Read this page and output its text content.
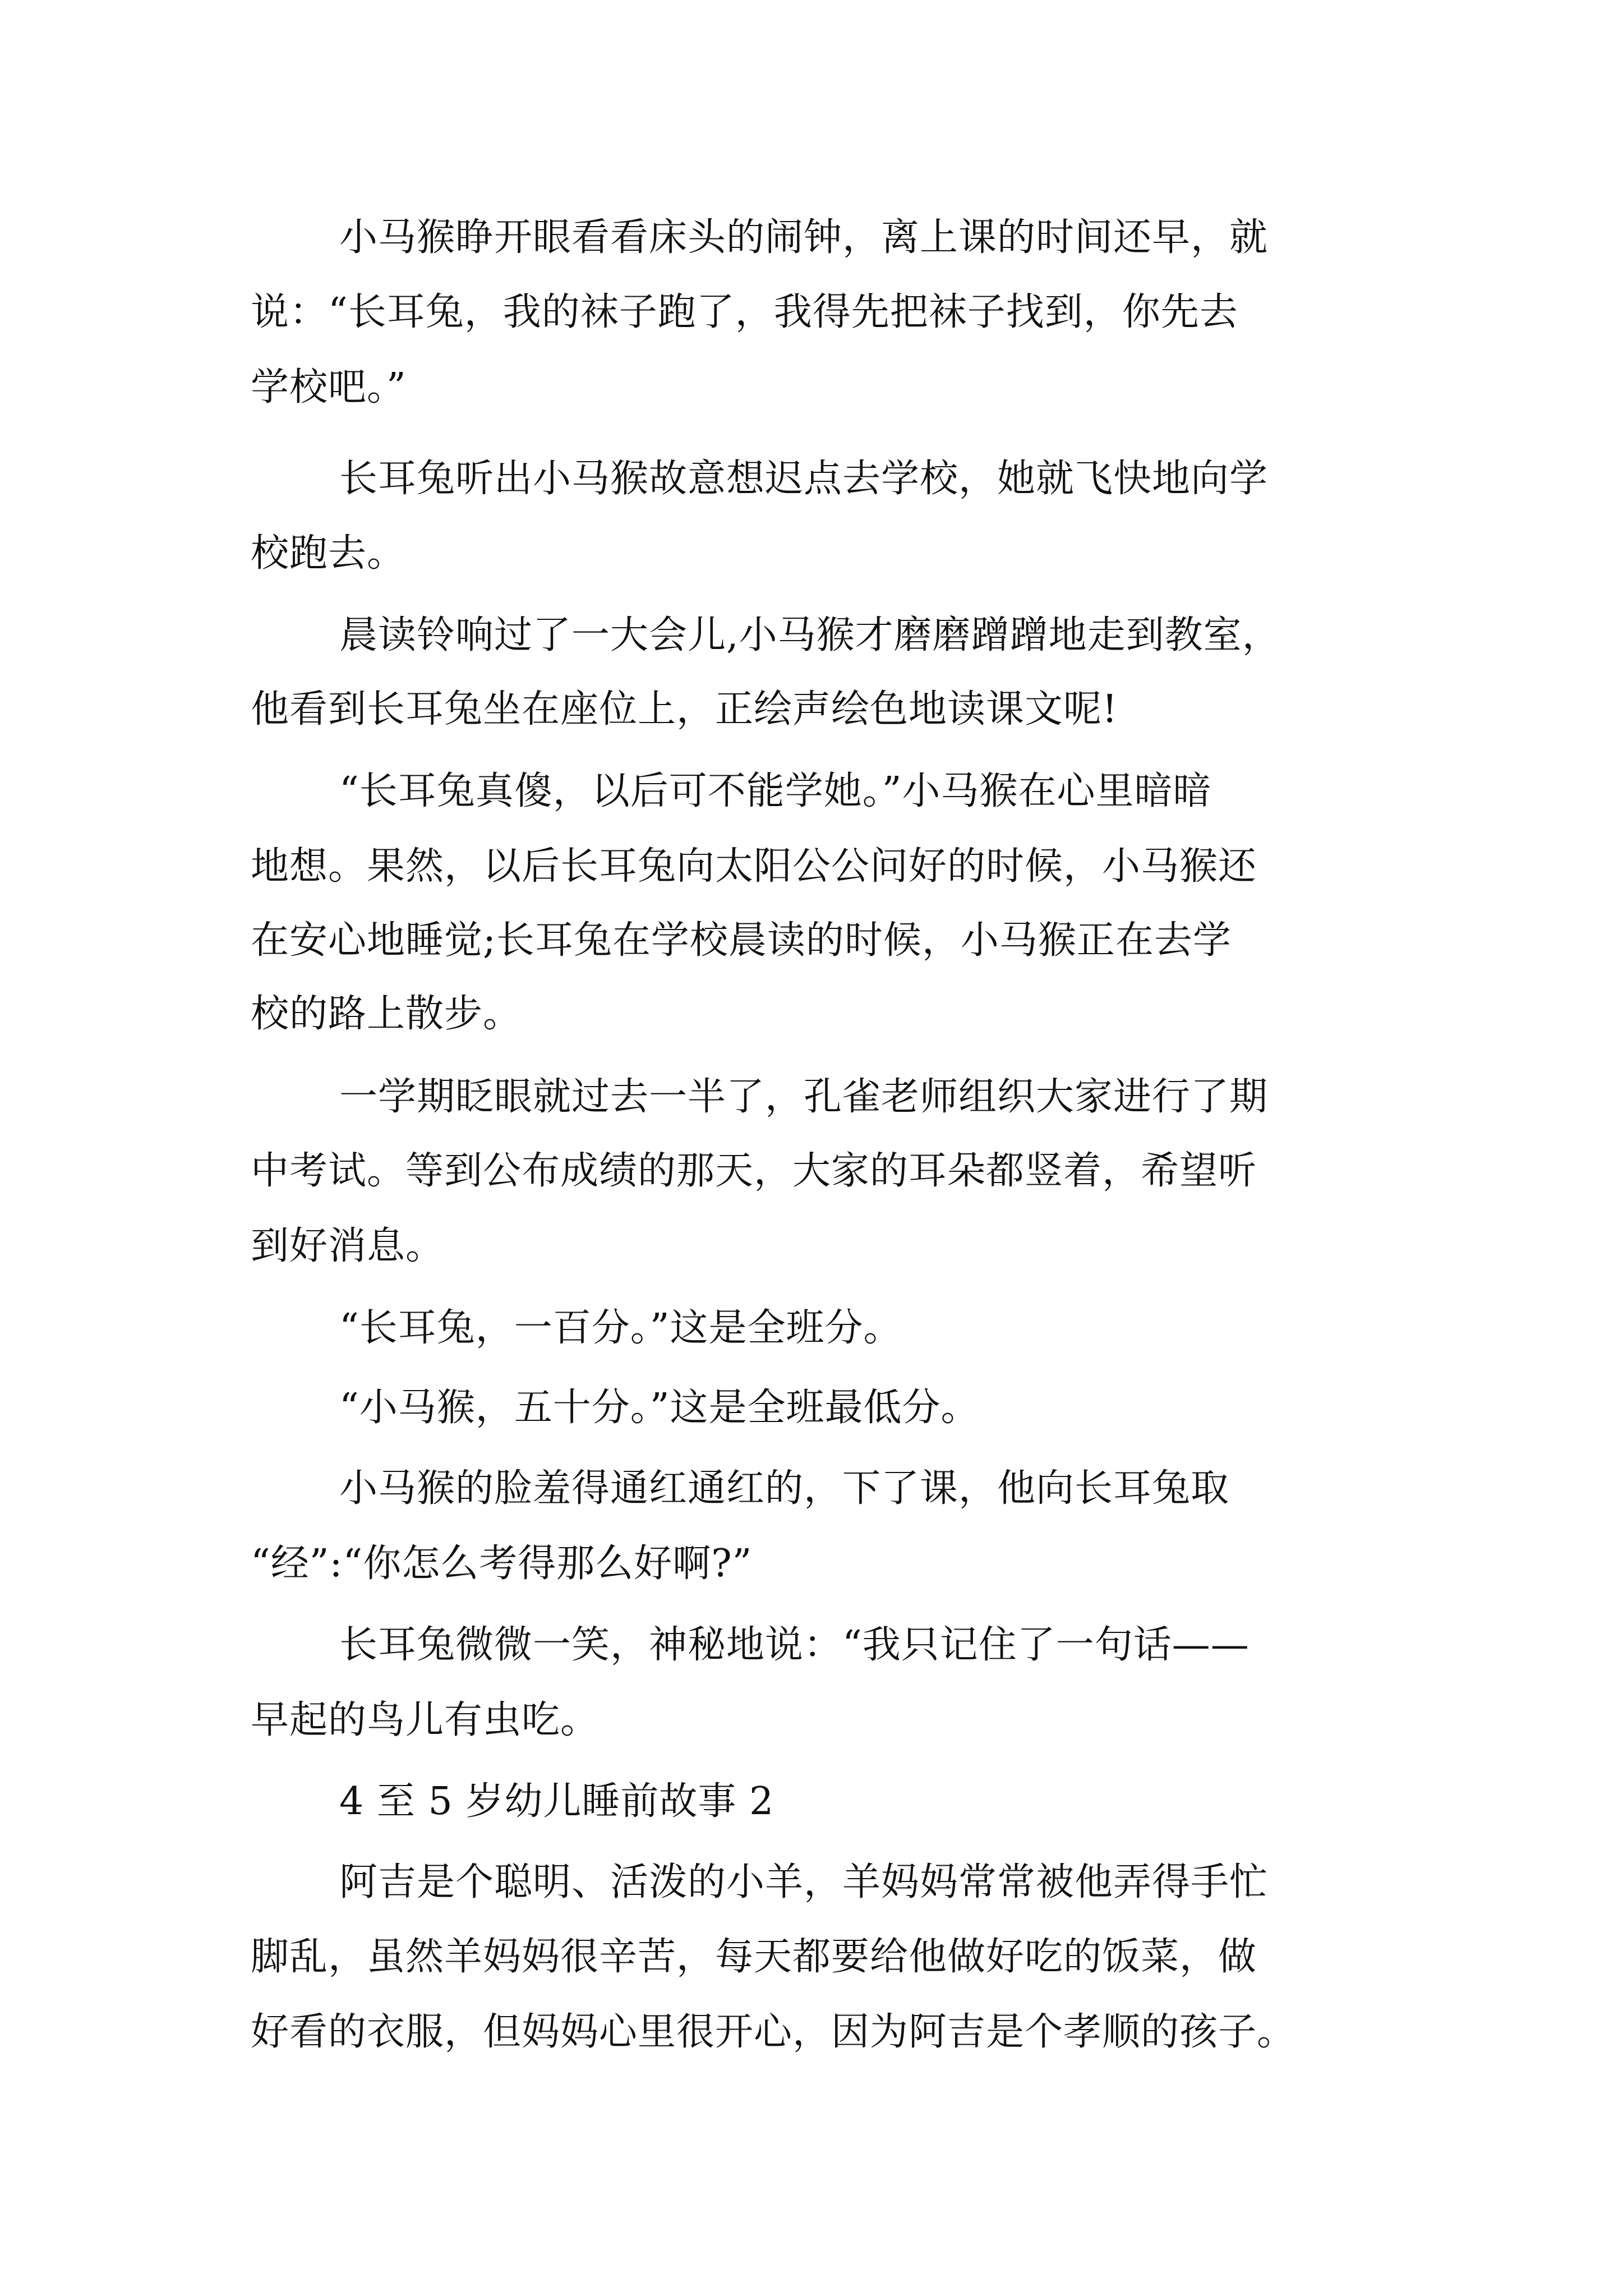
小马猴睁开眼看看床头的闹钟，离上课的时间还早，就
说：“长耳兔，我的袜子跑了，我得先把袜子找到，你先去
学校吧。”
长耳兔听出小马猴故意想迟点去学校，她就飞快地向学
校跑去。
晨读铃响过了一大会儿,小马猴才磨磨蹭蹭地走到教室，
他看到长耳兔坐在座位上，正绘声绘色地读课文呢!
“长耳兔真傻，以后可不能学她。”小马猴在心里暗暗
地想。果然，以后长耳兔向太阳公公问好的时候，小马猴还
在安心地睡觉;长耳兔在学校晨读的时候，小马猴正在去学
校的路上散步。
一学期眨眼就过去一半了，孔雀老师组织大家进行了期
中考试。等到公布成绩的那天，大家的耳朵都竖着，希望听
到好消息。
“长耳兔，一百分。”这是全班分。
“小马猴，五十分。”这是全班最低分。
小马猴的脸羞得通红通红的，下了课，他向长耳兔取
“经”:“你怎么考得那么好啊?”
长耳兔微微一笑，神秘地说：“我只记住了一句话——
早起的鸟儿有虫吃。
4 至 5 岁幼儿睡前故事 2
阿吉是个聪明、活泼的小羊，羊妈妈常常被他弄得手忙
脚乱，虽然羊妈妈很辛苦，每天都要给他做好吃的饭菜，做
好看的衣服，但妈妈心里很开心，因为阿吉是个孝顺的孩子。
